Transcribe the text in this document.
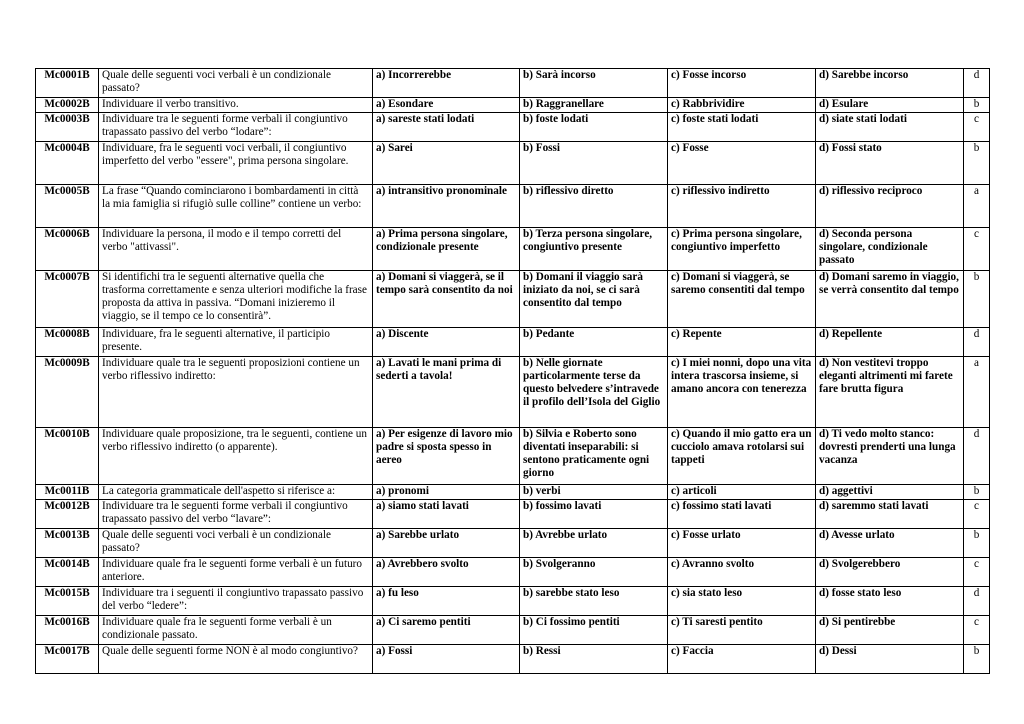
Mc0001B	Quale delle seguenti voci verbali è un condizionale passato?	a) Incorrerebbe	b) Sarà incorso	c) Fosse incorso	d) Sarebbe incorso	d
Mc0002B	Individuare il verbo transitivo.	a) Esondare	b) Raggranellare	c) Rabbrividire	d) Esulare	b
Mc0003B	Individuare tra le seguenti forme verbali il congiuntivo trapassato passivo del verbo “lodare”:	a) sareste stati lodati	b) foste lodati	c) foste stati lodati	d) siate stati lodati	c
Mc0004B	Individuare, fra le seguenti voci verbali, il congiuntivo imperfetto del verbo "essere", prima persona singolare.	a) Sarei	b) Fossi	c) Fosse	d) Fossi stato	b
Mc0005B	La frase “Quando cominciarono i bombardamenti in città la mia famiglia si rifugiò sulle colline” contiene un verbo:	a) intransitivo pronominale	b) riflessivo diretto	c) riflessivo indiretto	d) riflessivo reciproco	a
Mc0006B	Individuare la persona, il modo e il tempo corretti del verbo "attivassi".	a) Prima persona singolare, condizionale presente	b) Terza persona singolare, congiuntivo presente	c) Prima persona singolare, congiuntivo imperfetto	d) Seconda persona singolare, condizionale passato	c
Mc0007B	Si identifichi tra le seguenti alternative quella che trasforma correttamente e senza ulteriori modifiche la frase proposta da attiva in passiva. “Domani inizieremo il viaggio, se il tempo ce lo consentirà”.	a) Domani si viaggerà, se il tempo sarà consentito da noi	b) Domani il viaggio sarà iniziato da noi, se ci sarà consentito dal tempo	c) Domani si viaggerà, se saremo consentiti dal tempo	d) Domani saremo in viaggio, se verrà consentito dal tempo	b
Mc0008B	Individuare, fra le seguenti alternative, il participio presente.	a) Discente	b) Pedante	c) Repente	d) Repellente	d
Mc0009B	Individuare quale tra le seguenti proposizioni contiene un verbo riflessivo indiretto:	a) Lavati le mani prima di sederti a tavola!	b) Nelle giornate particolarmente terse da questo belvedere s’intravede il profilo dell’Isola del Giglio	c) I miei nonni, dopo una vita intera trascorsa insieme, si amano ancora con tenerezza	d) Non vestitevi troppo eleganti altrimenti mi farete fare brutta figura	a
Mc0010B	Individuare quale proposizione, tra le seguenti, contiene un verbo riflessivo indiretto (o apparente).	a) Per esigenze di lavoro mio padre si sposta spesso in aereo	b) Silvia e Roberto sono diventati inseparabili: si sentono praticamente ogni giorno	c) Quando il mio gatto era un cucciolo amava rotolarsi sui tappeti	d) Ti vedo molto stanco: dovresti prenderti una lunga vacanza	d
Mc0011B	La categoria grammaticale dell'aspetto si riferisce a:	a) pronomi	b) verbi	c) articoli	d) aggettivi	b
Mc0012B	Individuare tra le seguenti forme verbali il congiuntivo trapassato passivo del verbo “lavare”:	a) siamo stati lavati	b) fossimo lavati	c) fossimo stati lavati	d) saremmo stati lavati	c
Mc0013B	Quale delle seguenti voci verbali è un condizionale passato?	a) Sarebbe urlato	b) Avrebbe urlato	c) Fosse urlato	d) Avesse urlato	b
Mc0014B	Individuare quale fra le seguenti forme verbali è un futuro anteriore.	a) Avrebbero svolto	b) Svolgeranno	c) Avranno svolto	d) Svolgerebbero	c
Mc0015B	Individuare tra i seguenti il congiuntivo trapassato passivo del verbo “ledere”:	a) fu leso	b) sarebbe stato leso	c) sia stato leso	d) fosse stato leso	d
Mc0016B	Individuare quale fra le seguenti forme verbali è un condizionale passato.	a) Ci saremo pentiti	b) Ci fossimo pentiti	c) Ti saresti pentito	d) Si pentirebbe	c
Mc0017B	Quale delle seguenti forme NON è al modo congiuntivo?	a) Fossi	b) Ressi	c) Faccia	d) Dessi	b
